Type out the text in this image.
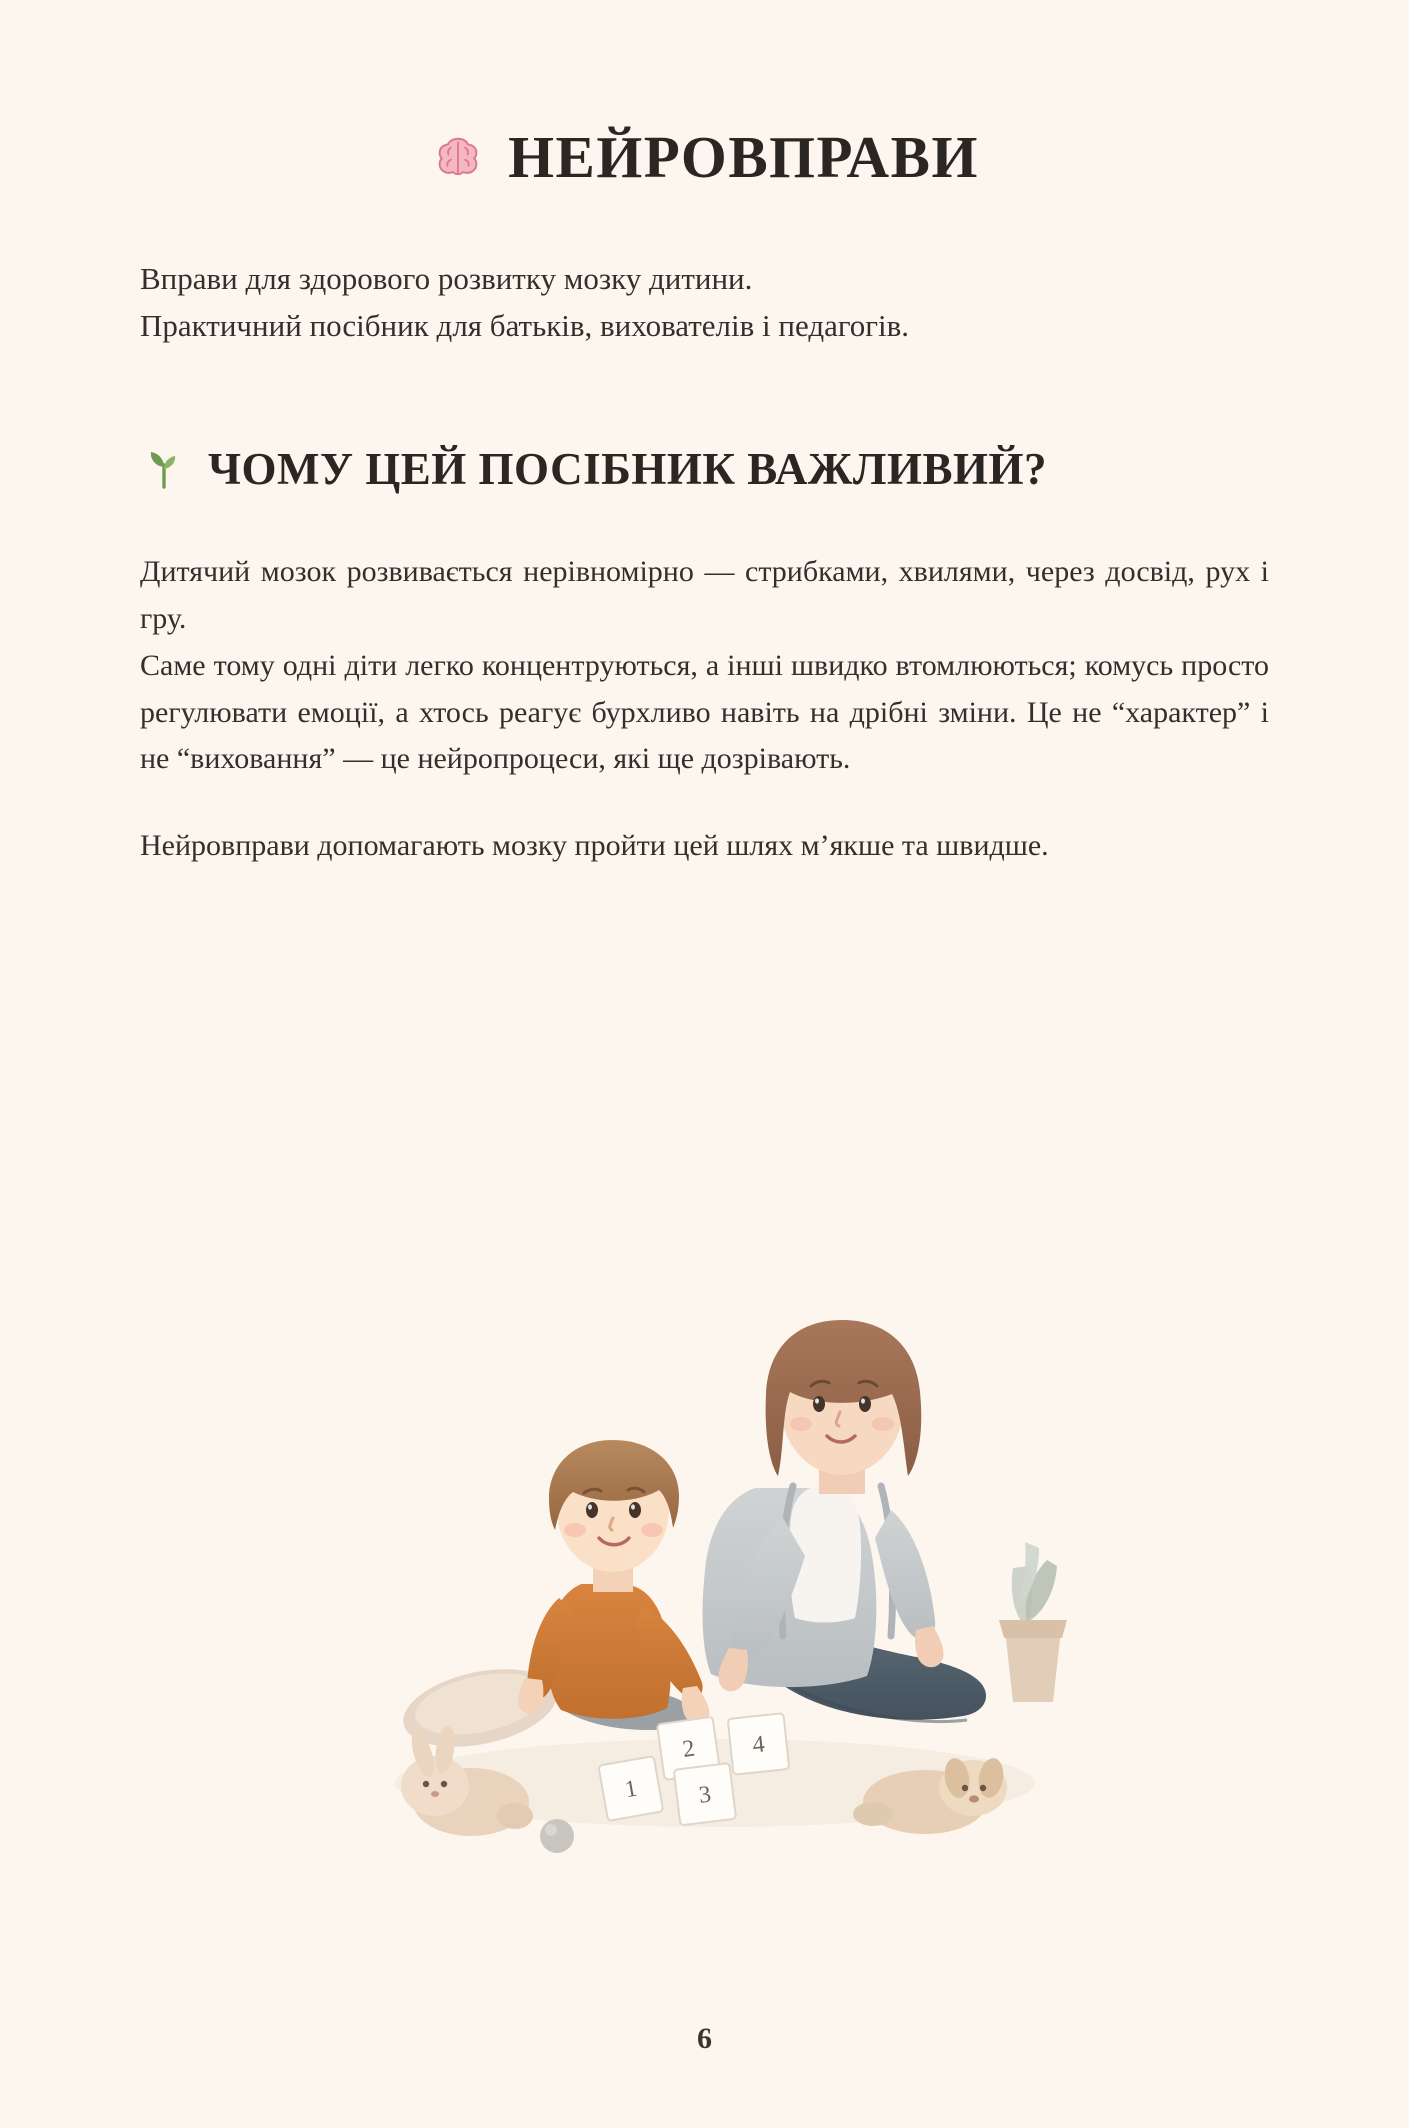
НЕЙРОВПРАВИ
Вправи для здорового розвитку мозку дитини.
Практичний посібник для батьків, вихователів і педагогів.
ЧОМУ ЦЕЙ ПОСІБНИК ВАЖЛИВИЙ?

Дитячий мозок розвивається нерівномірно — стрибками, хвилями, через досвід, рух і гру.

Саме тому одні діти легко концентруються, а інші швидко втомлюються; комусь просто регулювати емоції, а хтось реагує бурхливо навіть на дрібні зміни. Це не “характер” і не “виховання” — це нейропроцеси, які ще дозрівають.

Нейровправи допомагають мозку пройти цей шлях м’якше та швидше.

2 4
1 3
6
